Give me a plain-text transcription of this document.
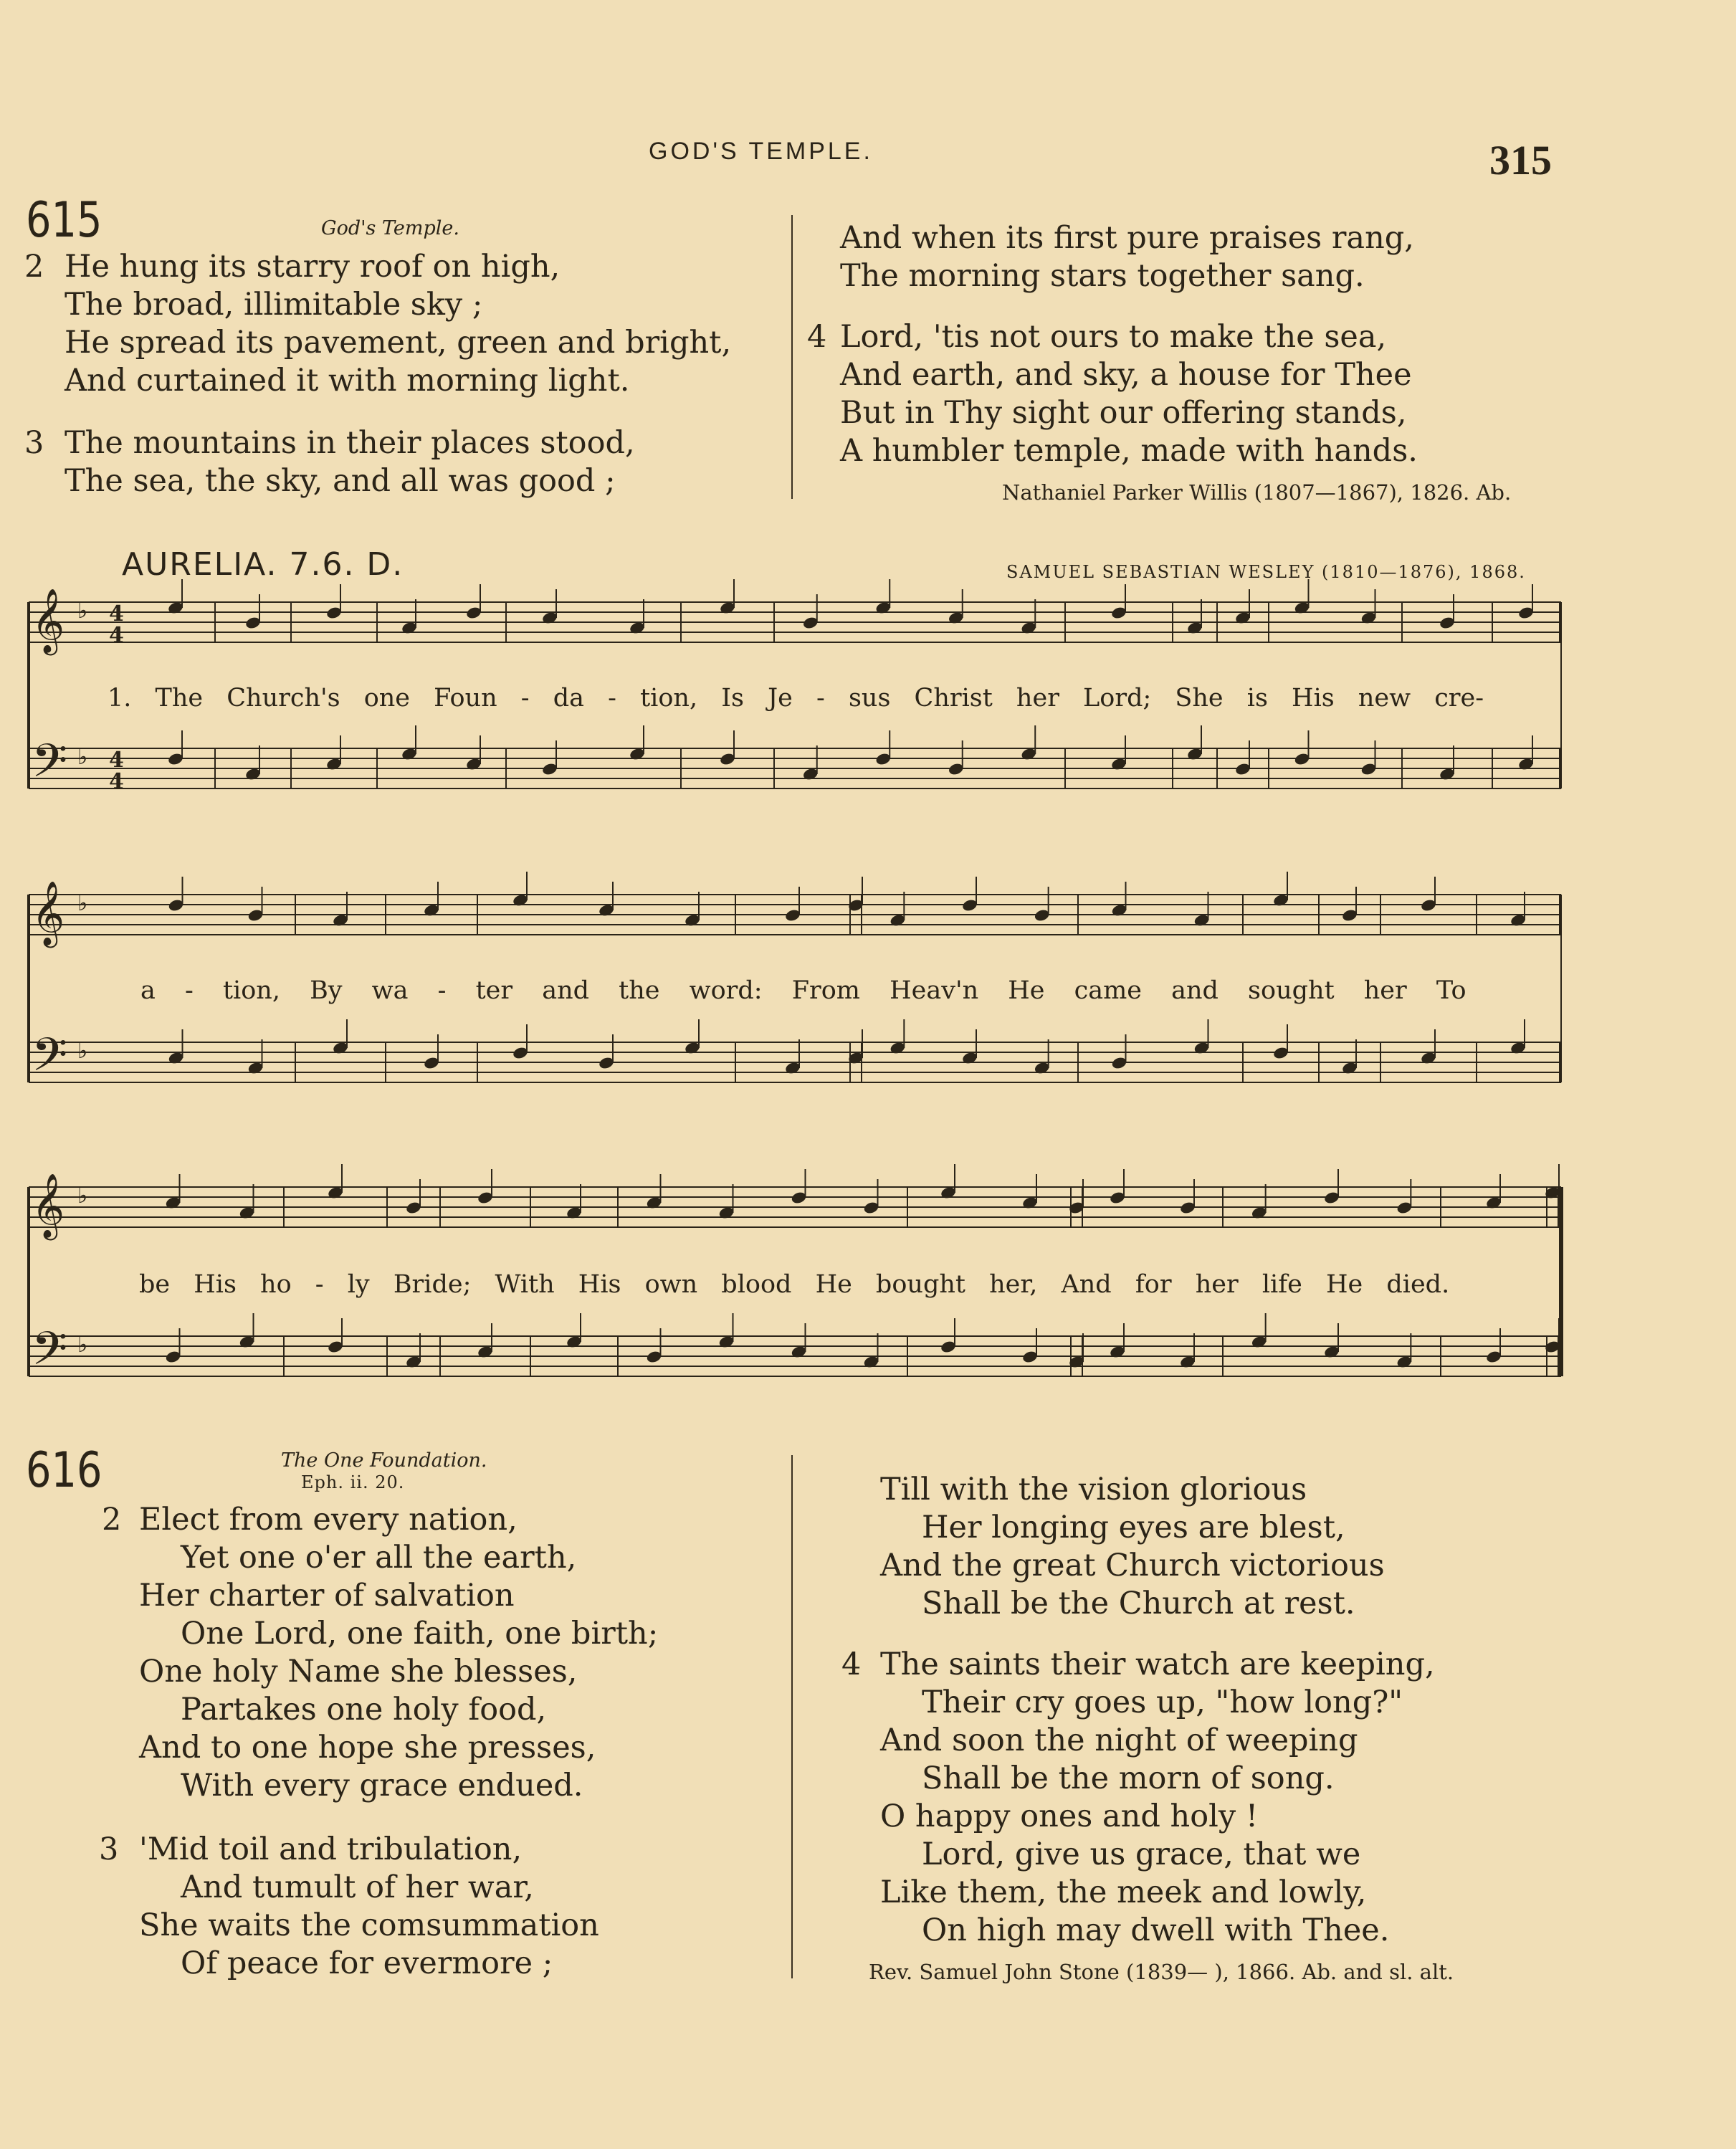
GOD'S TEMPLE.	315
615	God's Temple.
2 He hung its starry roof on high,
The broad, illimitable sky ;
He spread its pavement, green and bright,
And curtained it with morning light.
3 The mountains in their places stood,
The sea, the sky, and all was good ;
And when its first pure praises rang,
The morning stars together sang.
4 Lord, 'tis not ours to make the sea,
And earth, and sky, a house for Thee
But in Thy sight our offering stands,
A humbler temple, made with hands.
Nathaniel Parker Willis (1807—1867), 1826. Ab.
AURELIA. 7.6. D.	SAMUEL SEBASTIAN WESLEY (1810—1876), 1868.
𝄞 ♭ 4
4
𝄢 ♭ 4
4
𝄞 ♭
𝄢 ♭
𝄞 ♭
𝄢 ♭
1. The Church's one Foun - da - tion, Is Je - sus Christ her Lord; She is His new cre-
a - tion, By wa - ter and the word: From Heav'n He came and sought her To
be His ho - ly Bride; With His own blood He bought her, And for her life He died.
616	The One Foundation.
Eph. ii. 20.
2 Elect from every nation,
Yet one o'er all the earth,
Her charter of salvation
One Lord, one faith, one birth;
One holy Name she blesses,
Partakes one holy food,
And to one hope she presses,
With every grace endued.
3 'Mid toil and tribulation,
And tumult of her war,
She waits the comsummation
Of peace for evermore ;
Till with the vision glorious
Her longing eyes are blest,
And the great Church victorious
Shall be the Church at rest.
4 The saints their watch are keeping,
Their cry goes up, "how long?"
And soon the night of weeping
Shall be the morn of song.
O happy ones and holy !
Lord, give us grace, that we
Like them, the meek and lowly,
On high may dwell with Thee.
Rev. Samuel John Stone (1839— ), 1866. Ab. and sl. alt.
